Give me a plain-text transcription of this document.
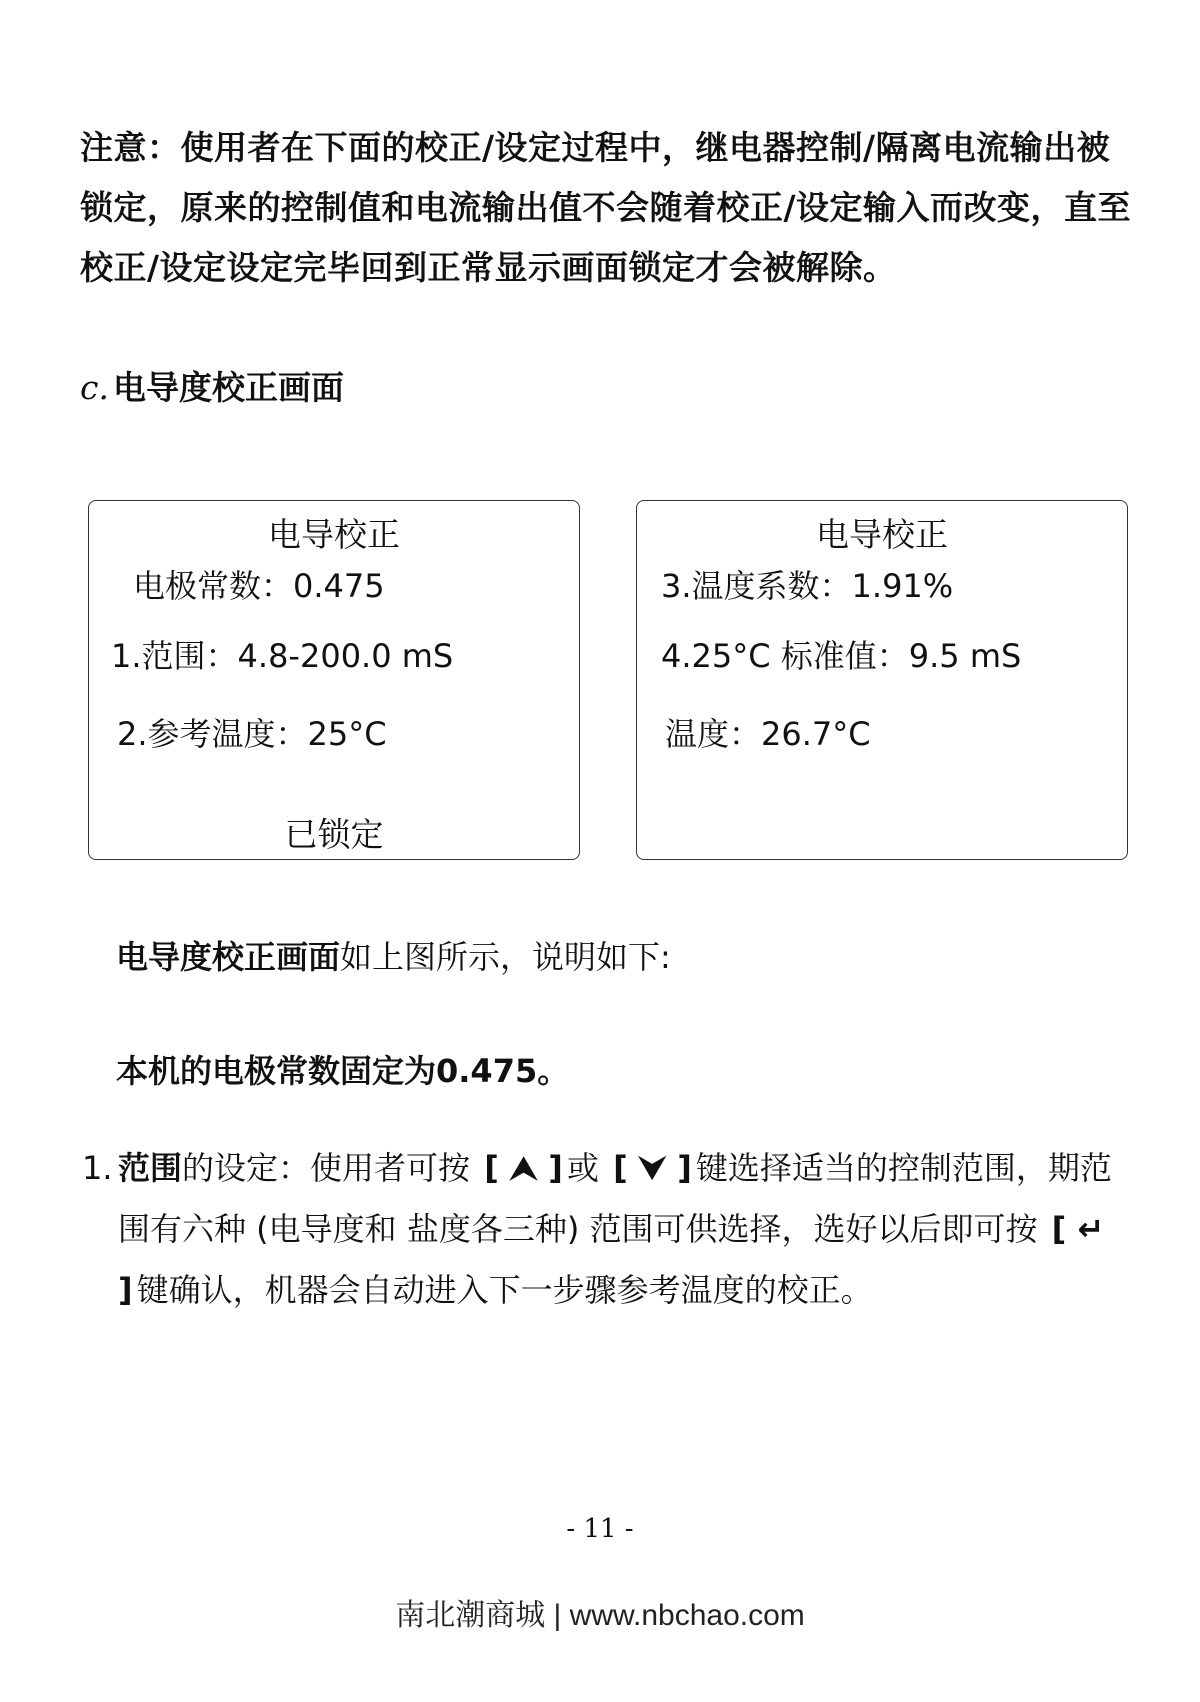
注意：使用者在下面的校正/设定过程中，继电器控制/隔离电流输出被锁定，原来的控制值和电流输出值不会随着校正/设定输入而改变，直至校正/设定设定完毕回到正常显示画面锁定才会被解除。
c. 电导度校正画面
电导校正
电极常数：0.475
1.范围：4.8-200.0 mS
2.参考温度：25°C
已锁定
电导校正
3.温度系数：1.91%
4.25°C 标准值：9.5 mS
温度：26.7°C
电导度校正画面如上图所示，说明如下:
本机的电极常数固定为0.475。
1. 范围的设定：使用者可按 [ ⮝ ] 或 [ ⮟ ] 键选择适当的控制范围，期范围有六种 (电导度和 盐度各三种) 范围可供选择，选好以后即可按 [ ↵ ] 键确认，机器会自动进入下一步骤参考温度的校正。
- 11 -
南北潮商城 | www.nbchao.com
